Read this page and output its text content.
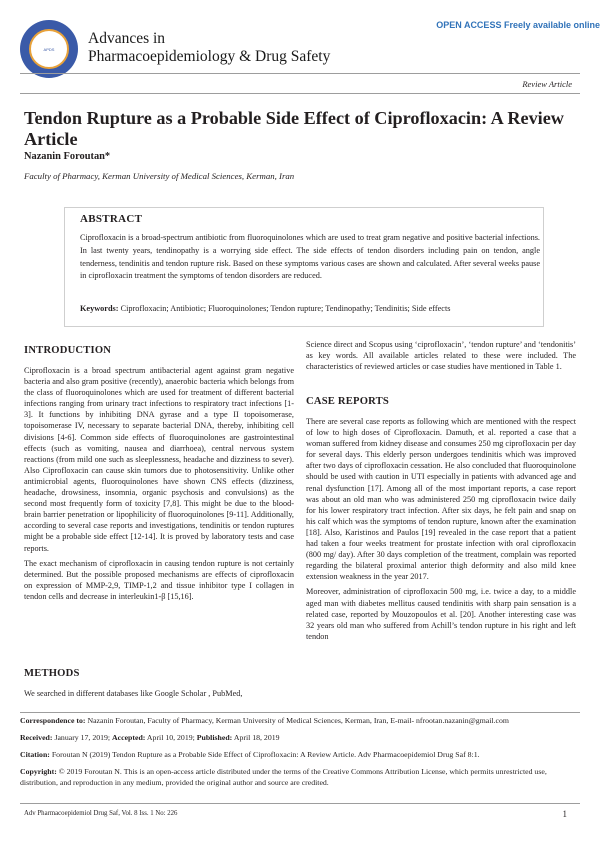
APDS
Advances in
Pharmacoepidemiology & Drug Safety
OPEN ACCESS Freely available online
Review Article
Tendon Rupture as a Probable Side Effect of Ciprofloxacin: A Review Article
Nazanin Foroutan*
Faculty of Pharmacy, Kerman University of Medical Sciences, Kerman, Iran
ABSTRACT
Ciprofloxacin is a broad-spectrum antibiotic from fluoroquinolones which are used to treat gram negative and positive bacterial infections. In last twenty years, tendinopathy is a worrying side effect. The side effects of tendon disorders including pain on tendon, angle tenderness, tendinitis and tendon rupture risk. Based on these symptoms various cases are shown and calculated. After several weeks pause in ciprofloxacin treatment the symptoms of tendon disorders are reduced.
Keywords: Ciprofloxacin; Antibiotic; Fluoroquinolones; Tendon rupture; Tendinopathy; Tendinitis; Side effects
INTRODUCTION

Ciprofloxacin is a broad spectrum antibacterial agent against gram negative bacteria and also gram positive (recently), anaerobic bacteria which belongs from the class of fluoroquinolones which are used for treatment of different bacterial infections ranging from urinary tract infections to respiratory tract infections [1-3]. It functions by inhibiting DNA gyrase and a type II topoisomerase, topoisomerase IV, necessary to separate bacterial DNA, thereby, inhibiting cell divisions [4-6]. Common side effects of fluoroquinolones are gastrointestinal effects (such as vomiting, nausea and diarrhoea), central nervous system reactions (from mild one such as sleeplessness, headache and dizziness to sever). Also Ciprofloxacin can cause skin tumors due to photosensitivity. Unlike other antimicrobial agents, fluoroquinolones have shown CNS effects (dizziness, headache, drowsiness, insomnia, organic psychosis and convulsions) as the second most frequently form of toxicity [7,8]. This might be due to the blood-brain barrier penetration or lipophilicity of fluoroquinolones [9-11]. Additionally, according to several case reports and investigations, tendinitis or tendon ruptures might be a probable side effect [12-14]. It is proved by laboratory tests and case reports.

The exact mechanism of ciprofloxacin in causing tendon rupture is not certainly determined. But the possible proposed mechanisms are effects of ciprofloxacin on expression of MMP-2,9, TIMP-1,2 and tissue inhibitor type I collagen in tendon cells and decrease in interleukin1-β [15,16].

METHODS
We searched in different databases like Google Scholar , PubMed,
Science direct and Scopus using ‘ciprofloxacin’, ‘tendon rupture’ and ‘tendonitis’ as key words. All available articles related to these were included. The characteristics of reviewed articles or case studies have mentioned in Table 1.
CASE REPORTS

There are several case reports as following which are mentioned with the respect of low to high doses of Ciprofloxacin. Damuth, et al. reported a case that a woman suffered from kidney disease and consumes 250 mg ciprofloxacin per day for several days. This elderly person undergoes tendinitis which was improved after two days of ciprofloxacin cessation. He also concluded that fluoroquinolone should be used with caution in UTI especially in patients with advanced age and renal dysfunction [17]. Among all of the most important reports, a case report was about an old man who was administered 250 mg ciprofloxacin twice daily for his lower respiratory tract infection. After six days, he felt pain and snap on his calf which was the symptoms of tendon rupture, known after the examination [18]. Also, Karistinos and Paulos [19] revealed in the case report that a patient had taken a four weeks treatment for prostate infection with oral ciprofloxacin (800 mg/ day). After 30 days completion of the treatment, complain was reported regarding the bilateral proximal anterior thigh deformity and also mild knee extension weakness in the year 2017.

Moreover, administration of ciprofloxacin 500 mg, i.e. twice a day, to a middle aged man with diabetes mellitus caused tendinitis with sharp pain sensation is a related case, reported by Mouzopoulos et al. [20]. Another interesting case was 32 years old man who suffered from Achill’s tendon rupture in his right and left tendon

Correspondence to: Nazanin Foroutan, Faculty of Pharmacy, Kerman University of Medical Sciences, Kerman, Iran, E-mail- nfrootan.nazanin@gmail.com
Received: January 17, 2019; Accepted: April 10, 2019; Published: April 18, 2019
Citation: Foroutan N (2019) Tendon Rupture as a Probable Side Effect of Ciprofloxacin: A Review Article. Adv Pharmacoepidemiol Drug Saf 8:1.
Copyright: © 2019 Foroutan N. This is an open-access article distributed under the terms of the Creative Commons Attribution License, which permits unrestricted use, distribution, and reproduction in any medium, provided the original author and source are credited.
Adv Pharmacoepidemiol Drug Saf, Vol. 8 Iss. 1 No: 226	1
